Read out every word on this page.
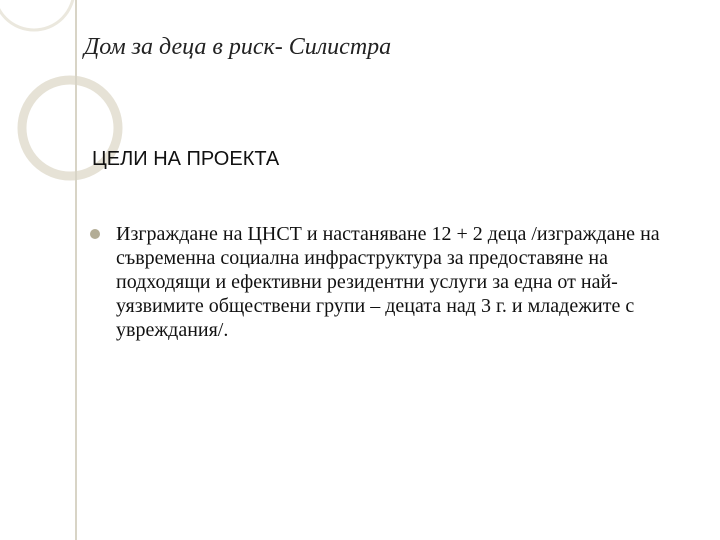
Дом за деца в риск- Силистра
ЦЕЛИ НА ПРОЕКТА
Изграждане на ЦНСТ и настаняване 12 + 2 деца /изграждане на съвременна социална инфраструктура за предоставяне на подходящи и ефективни резидентни услуги за една от най-уязвимите обществени групи – децата над 3 г. и младежите с увреждания/.
